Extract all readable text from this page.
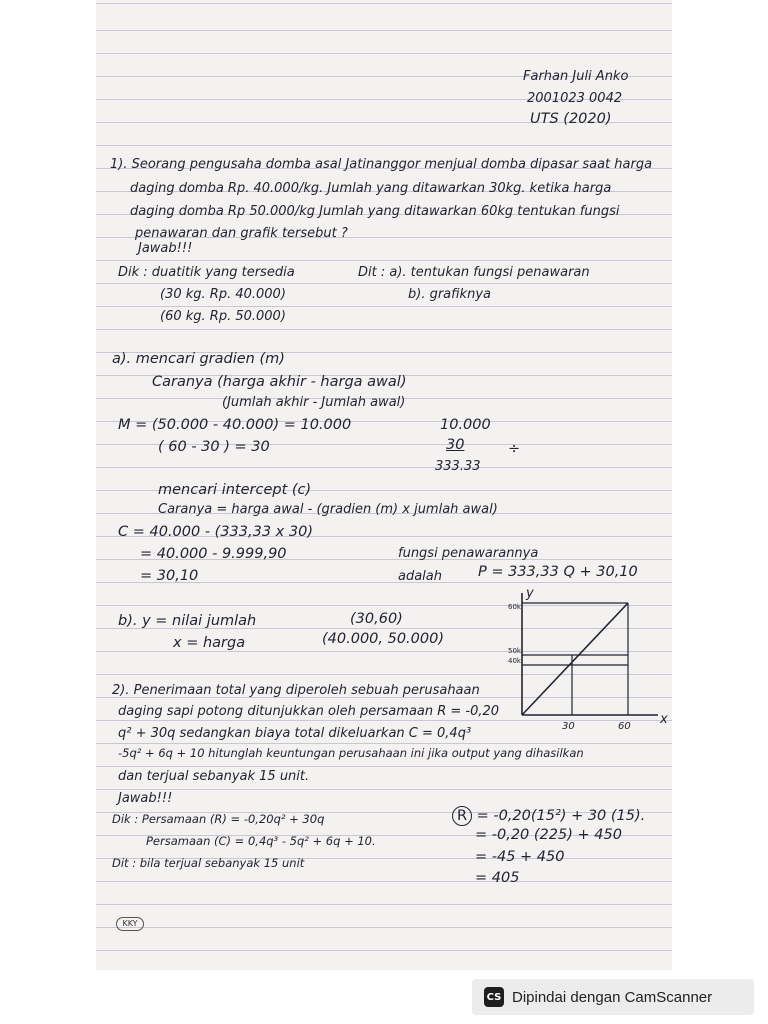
Farhan Juli Anko
2001023 0042
UTS (2020)
1). Seorang pengusaha domba asal Jatinanggor menjual domba dipasar saat harga
daging domba Rp. 40.000/kg. Jumlah yang ditawarkan 30kg. ketika harga
daging domba Rp 50.000/kg Jumlah yang ditawarkan 60kg tentukan fungsi
penawaran dan grafik tersebut ?
Jawab!!!
Dik : duatitik yang tersedia
(30 kg. Rp. 40.000)
(60 kg. Rp. 50.000)
Dit : a). tentukan fungsi penawaran
b). grafiknya
a). mencari gradien (m)
Caranya (harga akhir - harga awal)
(Jumlah akhir - Jumlah awal)
M = (50.000 - 40.000) = 10.000	10.000
( 60 - 30 ) = 30	30
333.33
÷
mencari intercept (c)
Caranya = harga awal - (gradien (m) x jumlah awal)
C = 40.000 - (333,33 x 30)
= 40.000 - 9.999,90
= 30,10
fungsi penawarannya
adalah P = 333,33 Q + 30,10
b). y = nilai jumlah	(30,60)
x = harga	(40.000, 50.000)
y
x
60k
50k
40k
30	60
2). Penerimaan total yang diperoleh sebuah perusahaan
daging sapi potong ditunjukkan oleh persamaan R = -0,20
q² + 30q sedangkan biaya total dikeluarkan C = 0,4q³
-5q² + 6q + 10 hitunglah keuntungan perusahaan ini jika output yang dihasilkan
dan terjual sebanyak 15 unit.
Jawab!!!
Dik : Persamaan (R) = -0,20q² + 30q
Persamaan (C) = 0,4q³ - 5q² + 6q + 10.
Dit : bila terjual sebanyak 15 unit
R = -0,20(15²) + 30 (15).
= -0,20 (225) + 450
= -45 + 450
= 405
KKY
CS Dipindai dengan CamScanner
